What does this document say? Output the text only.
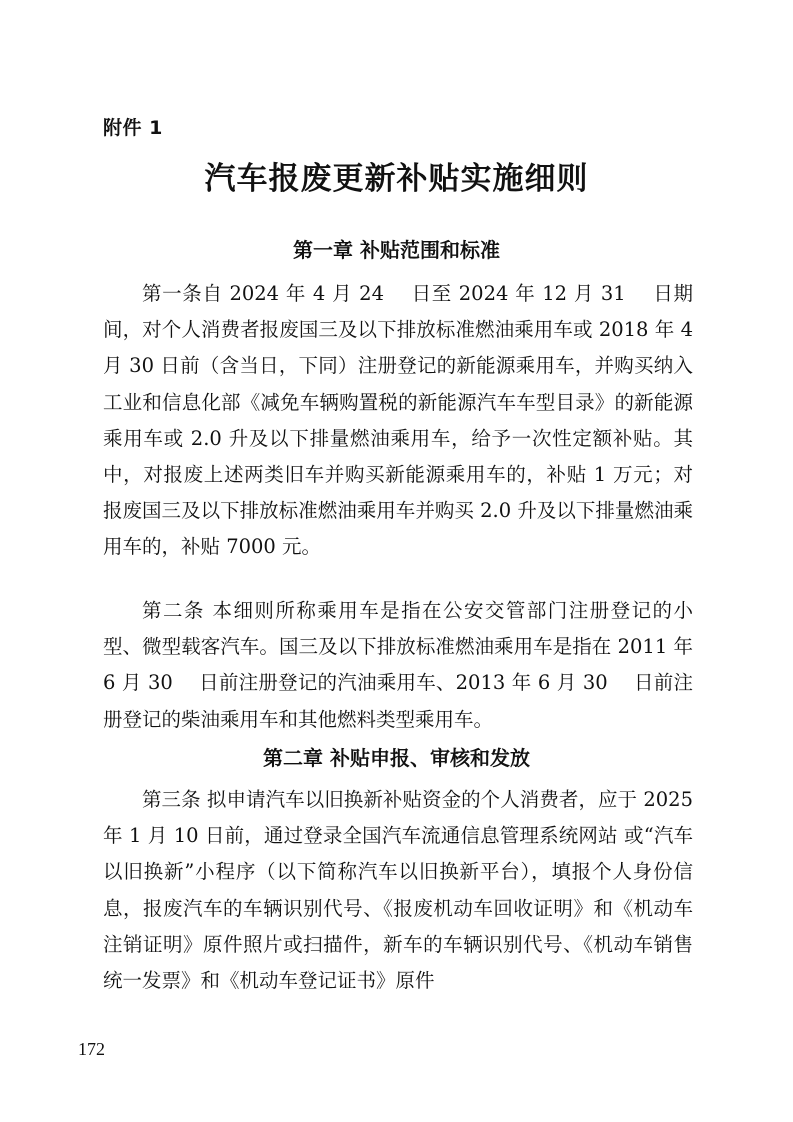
附件 1
汽车报废更新补贴实施细则
第一章 补贴范围和标准

第一条自 2024 年 4 月 24　 日至 2024 年 12 月 31　 日期间，对个人消费者报废国三及以下排放标准燃油乘用车或 2018 年 4 月 30 日前（含当日，下同）注册登记的新能源乘用车，并购买纳入工业和信息化部《减免车辆购置税的新能源汽车车型目录》的新能源乘用车或 2.0 升及以下排量燃油乘用车，给予一次性定额补贴。其中，对报废上述两类旧车并购买新能源乘用车的，补贴 1 万元；对报废国三及以下排放标准燃油乘用车并购买 2.0 升及以下排量燃油乘用车的，补贴 7000 元。

第二条 本细则所称乘用车是指在公安交管部门注册登记的小型、微型载客汽车。国三及以下排放标准燃油乘用车是指在 2011 年 6 月 30　 日前注册登记的汽油乘用车、2013 年 6 月 30　 日前注册登记的柴油乘用车和其他燃料类型乘用车。

第二章 补贴申报、审核和发放

第三条 拟申请汽车以旧换新补贴资金的个人消费者，应于 2025 年 1 月 10 日前，通过登录全国汽车流通信息管理系统网站 或“汽车以旧换新”小程序（以下简称汽车以旧换新平台），填报个人身份信息，报废汽车的车辆识别代号、《报废机动车回收证明》和《机动车注销证明》原件照片或扫描件，新车的车辆识别代号、《机动车销售统一发票》和《机动车登记证书》原件

172
